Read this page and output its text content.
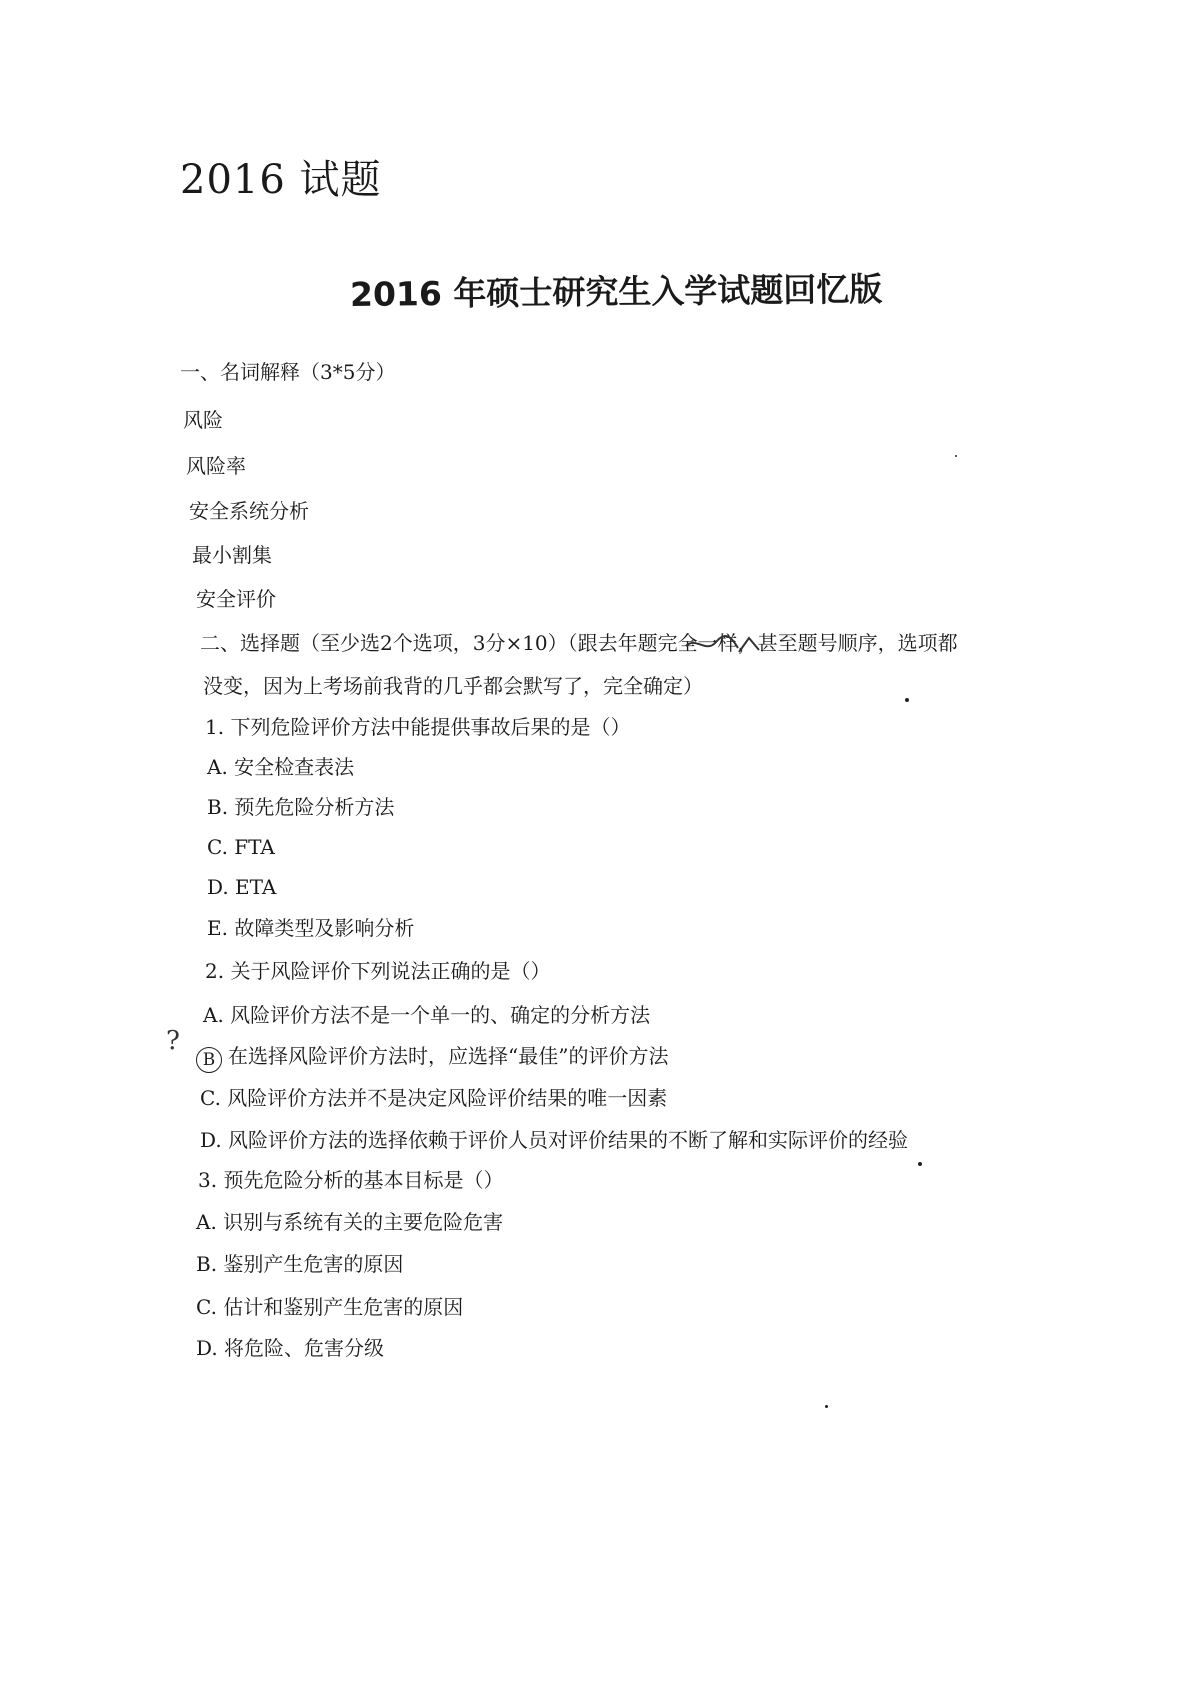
2016 试题
2016 年硕士研究生入学试题回忆版
一、名词解释（3*5分）
风险
风险率
安全系统分析
最小割集
安全评价
二、选择题（至少选2个选项，3分×10）（跟去年题完全一样，甚至题号顺序，选项都
没变，因为上考场前我背的几乎都会默写了，完全确定）
1. 下列危险评价方法中能提供事故后果的是（）
A. 安全检查表法
B. 预先危险分析方法
C. FTA
D. ETA
E. 故障类型及影响分析
2. 关于风险评价下列说法正确的是（）
A. 风险评价方法不是一个单一的、确定的分析方法
?
B 在选择风险评价方法时，应选择“最佳”的评价方法
C. 风险评价方法并不是决定风险评价结果的唯一因素
D. 风险评价方法的选择依赖于评价人员对评价结果的不断了解和实际评价的经验
3. 预先危险分析的基本目标是（）
A. 识别与系统有关的主要危险危害
B. 鉴别产生危害的原因
C. 估计和鉴别产生危害的原因
D. 将危险、危害分级
